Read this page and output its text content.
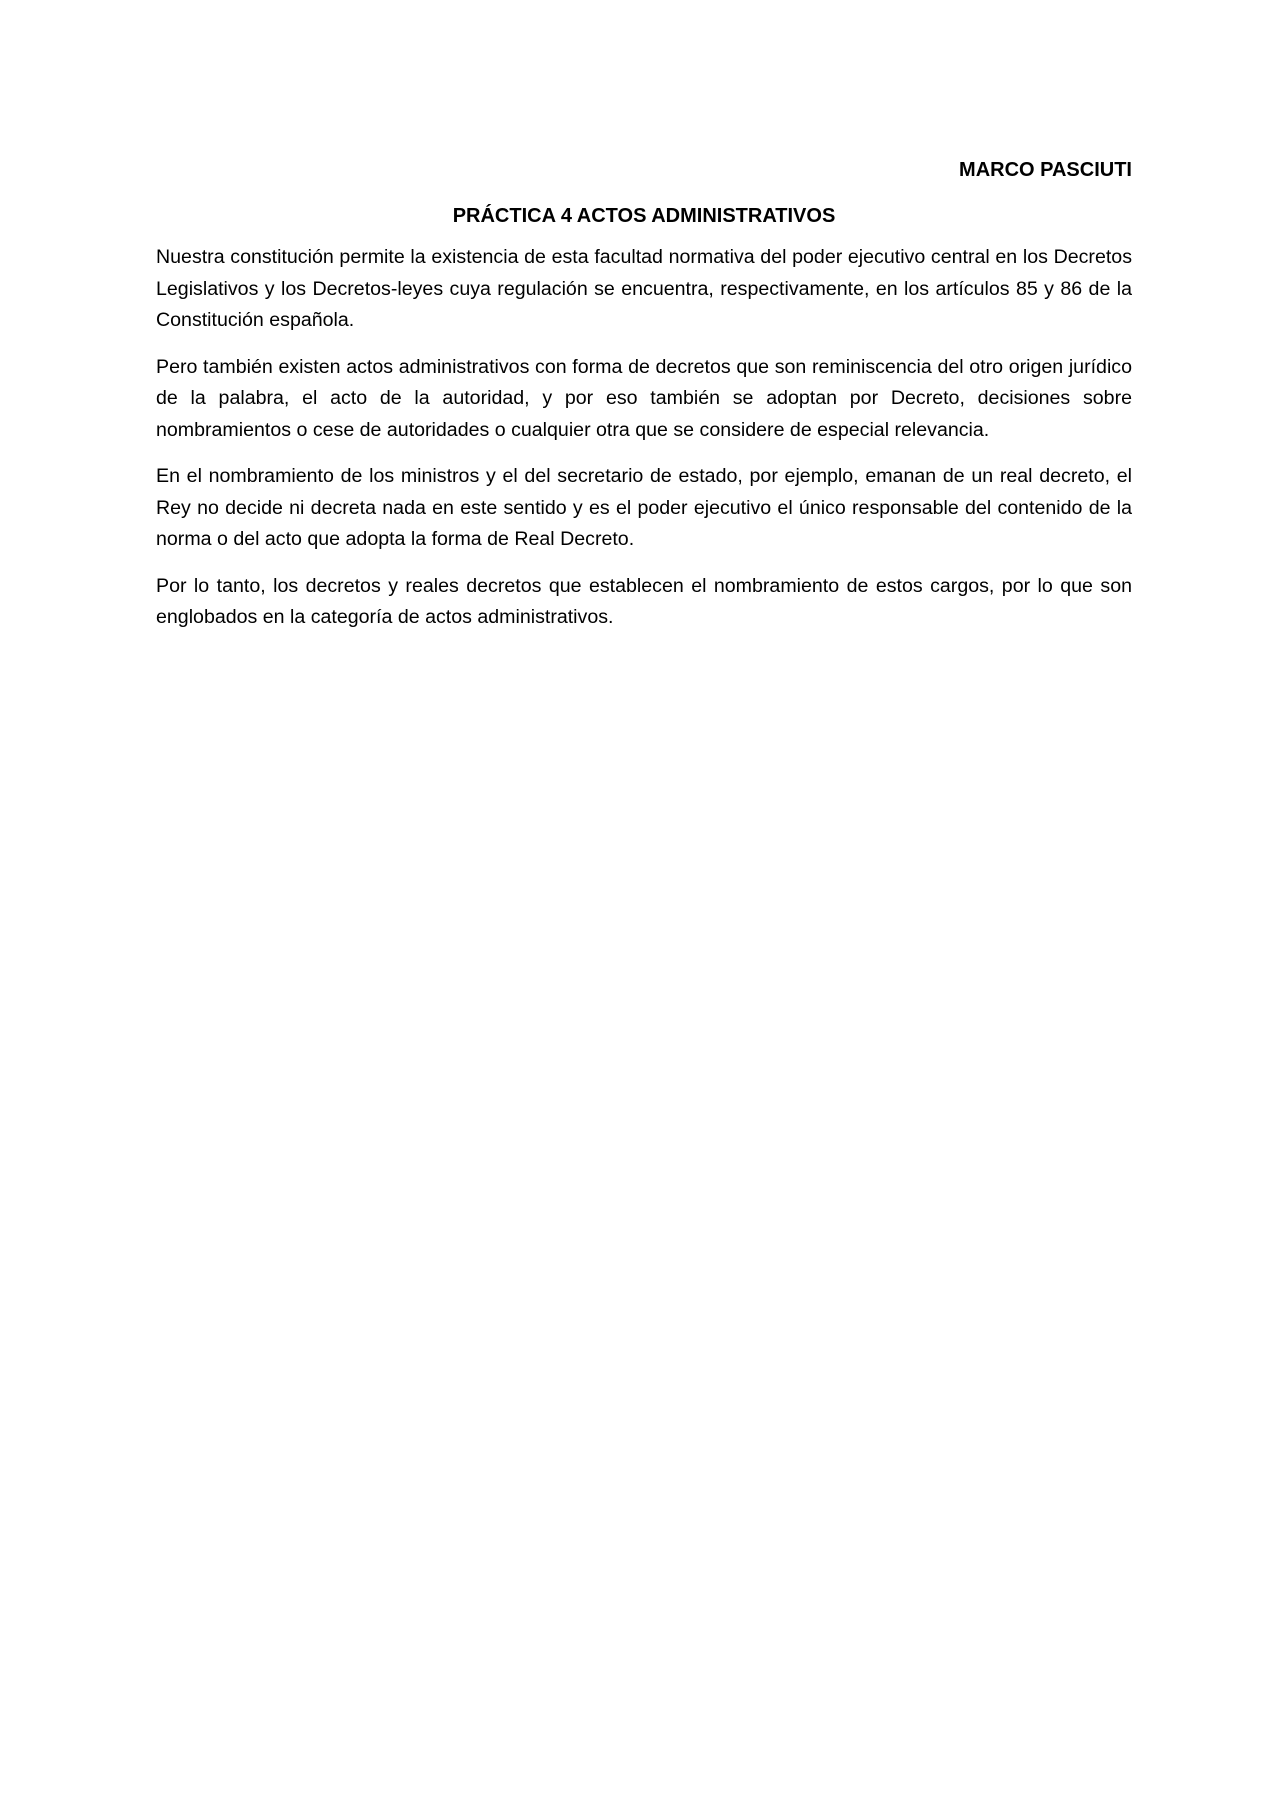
MARCO PASCIUTI
PRÁCTICA 4 ACTOS ADMINISTRATIVOS

Nuestra constitución permite la existencia de esta facultad normativa del poder ejecutivo central en los Decretos Legislativos y los Decretos-leyes cuya regulación se encuentra, respectivamente, en los artículos 85 y 86 de la Constitución española.

Pero también existen actos administrativos con forma de decretos que son reminiscencia del otro origen jurídico de la palabra, el acto de la autoridad, y por eso también se adoptan por Decreto, decisiones sobre nombramientos o cese de autoridades o cualquier otra que se considere de especial relevancia.

En el nombramiento de los ministros y el del secretario de estado, por ejemplo, emanan de un real decreto, el Rey no decide ni decreta nada en este sentido y es el poder ejecutivo el único responsable del contenido de la norma o del acto que adopta la forma de Real Decreto.

Por lo tanto, los decretos y reales decretos que establecen el nombramiento de estos cargos, por lo que son englobados en la categoría de actos administrativos.
